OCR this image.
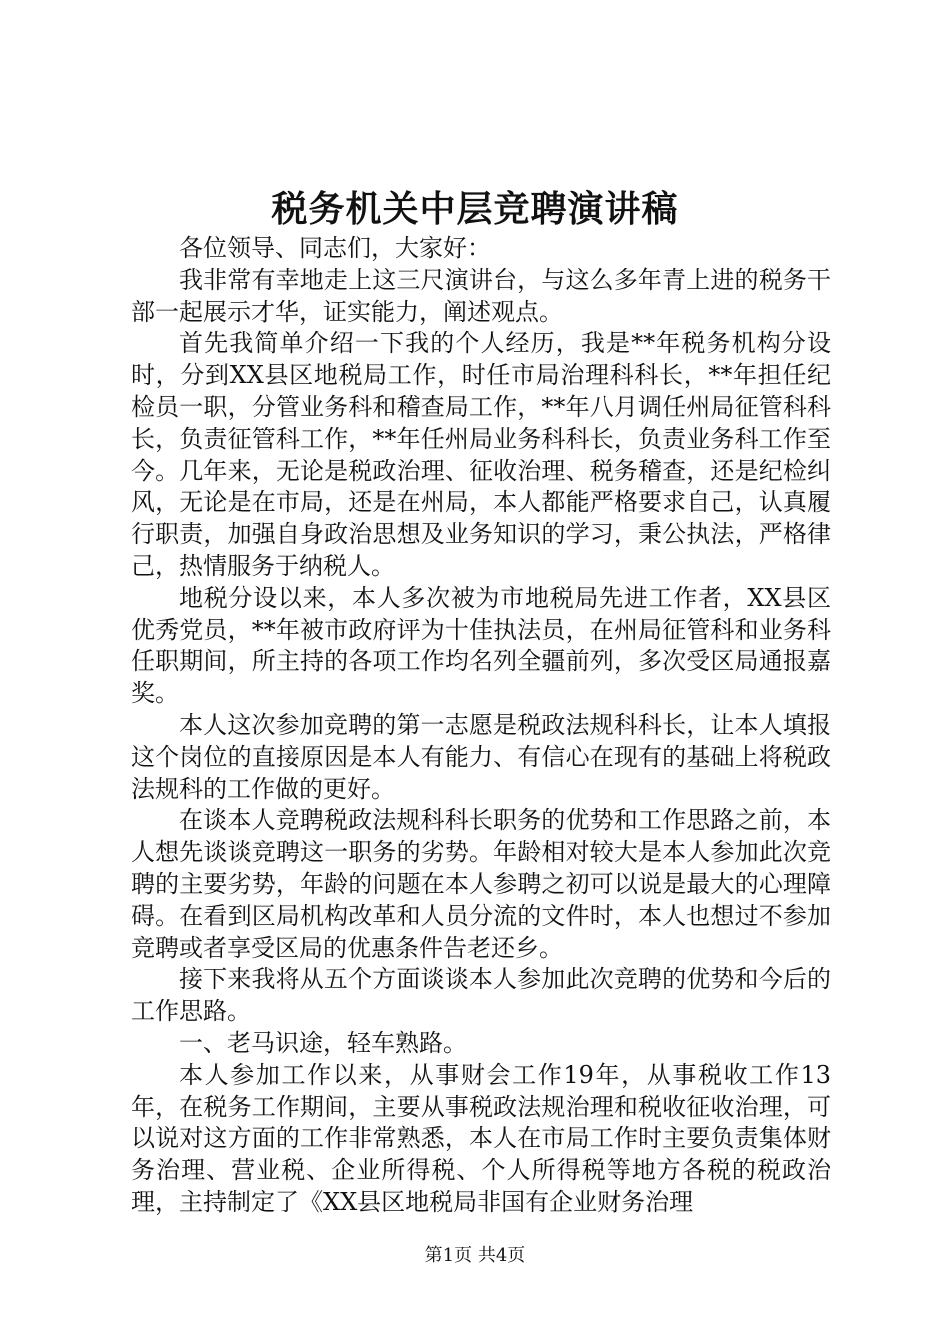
税务机关中层竞聘演讲稿

各位领导、同志们，大家好：

我非常有幸地走上这三尺演讲台，与这么多年青上进的税务干部一起展示才华，证实能力，阐述观点。

首先我简单介绍一下我的个人经历，我是**年税务机构分设时，分到XX县区地税局工作，时任市局治理科科长，**年担任纪检员一职，分管业务科和稽查局工作，**年八月调任州局征管科科长，负责征管科工作，**年任州局业务科科长，负责业务科工作至今。几年来，无论是税政治理、征收治理、税务稽查，还是纪检纠风，无论是在市局，还是在州局，本人都能严格要求自己，认真履行职责，加强自身政治思想及业务知识的学习，秉公执法，严格律己，热情服务于纳税人。

地税分设以来，本人多次被为市地税局先进工作者，XX县区优秀党员，**年被市政府评为十佳执法员，在州局征管科和业务科任职期间，所主持的各项工作均名列全疆前列，多次受区局通报嘉奖。

本人这次参加竞聘的第一志愿是税政法规科科长，让本人填报这个岗位的直接原因是本人有能力、有信心在现有的基础上将税政法规科的工作做的更好。

在谈本人竞聘税政法规科科长职务的优势和工作思路之前，本人想先谈谈竞聘这一职务的劣势。年龄相对较大是本人参加此次竞聘的主要劣势，年龄的问题在本人参聘之初可以说是最大的心理障碍。在看到区局机构改革和人员分流的文件时，本人也想过不参加竞聘或者享受区局的优惠条件告老还乡。

接下来我将从五个方面谈谈本人参加此次竞聘的优势和今后的工作思路。

一、老马识途，轻车熟路。

本人参加工作以来，从事财会工作19年，从事税收工作13年，在税务工作期间，主要从事税政法规治理和税收征收治理，可以说对这方面的工作非常熟悉，本人在市局工作时主要负责集体财务治理、营业税、企业所得税、个人所得税等地方各税的税政治理，主持制定了《XX县区地税局非国有企业财务治理

第1页 共4页
